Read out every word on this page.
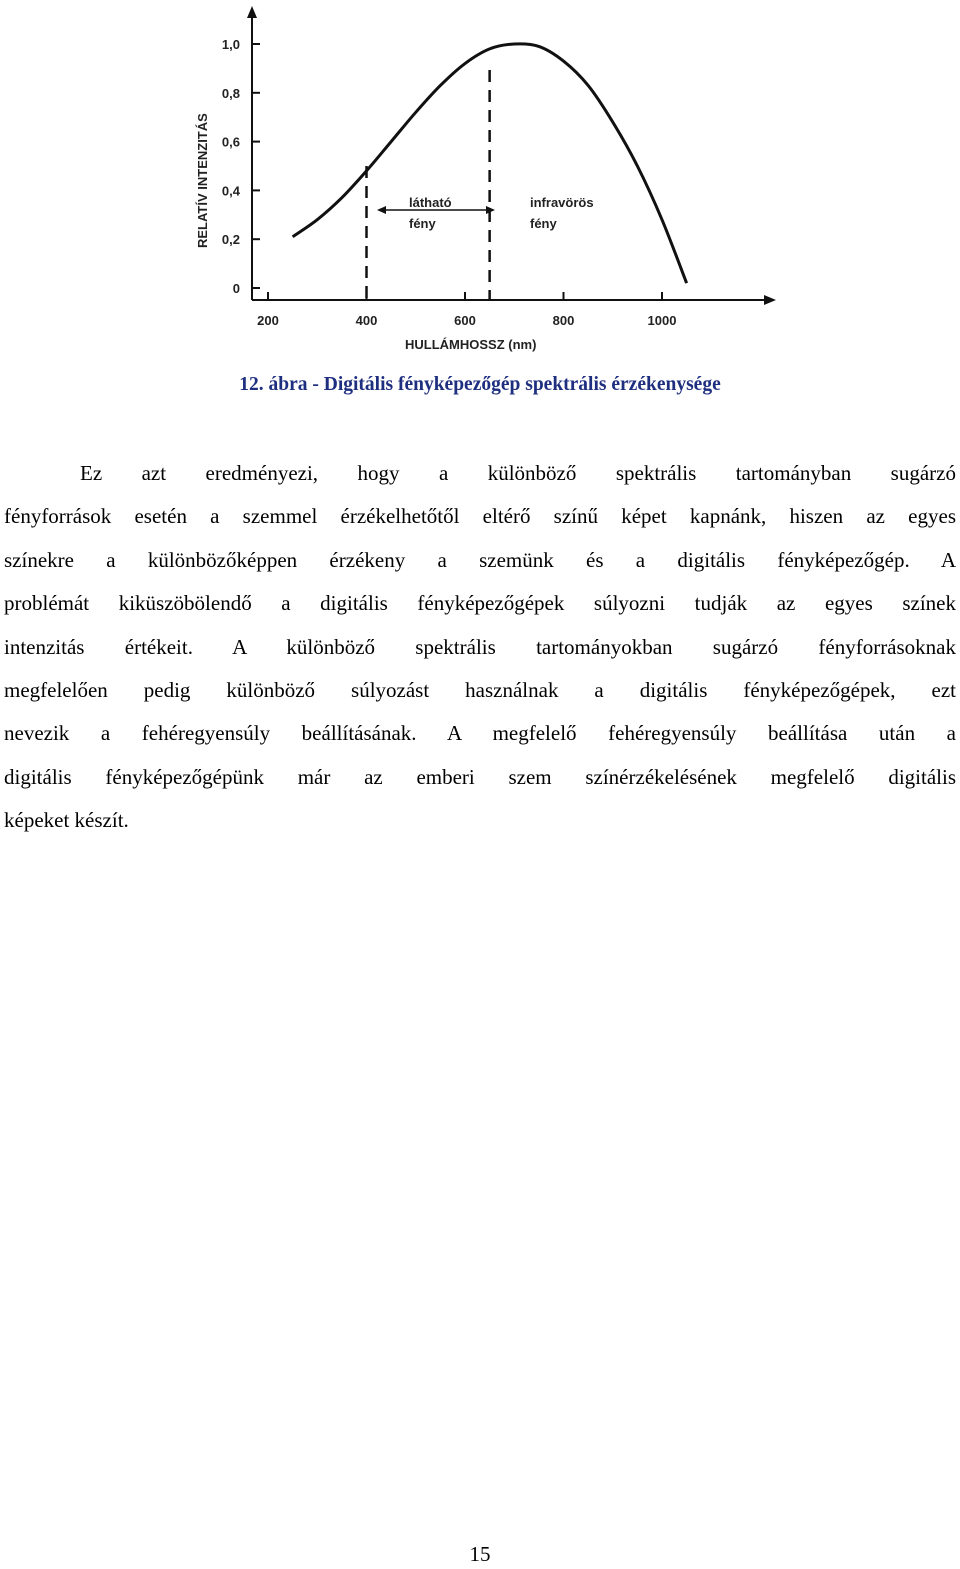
0
0,2
0,4
0,6
0,8
1,0
200	400	600	800	1000
RELATÍV INTENZITÁS
HULLÁMHOSSZ (nm)
látható
fény
infravörös
fény
12. ábra - Digitális fényképezőgép spektrális érzékenysége
Ez azt eredményezi, hogy a különböző spektrális tartományban sugárzó
fényforrások esetén a szemmel érzékelhetőtől eltérő színű képet kapnánk, hiszen az egyes
színekre a különbözőképpen érzékeny a szemünk és a digitális fényképezőgép. A
problémát kiküszöbölendő a digitális fényképezőgépek súlyozni tudják az egyes színek
intenzitás értékeit. A különböző spektrális tartományokban sugárzó fényforrásoknak
megfelelően pedig különböző súlyozást használnak a digitális fényképezőgépek, ezt
nevezik a fehéregyensúly beállításának. A megfelelő fehéregyensúly beállítása után a
digitális fényképezőgépünk már az emberi szem színérzékelésének megfelelő digitális
képeket készít.
15
